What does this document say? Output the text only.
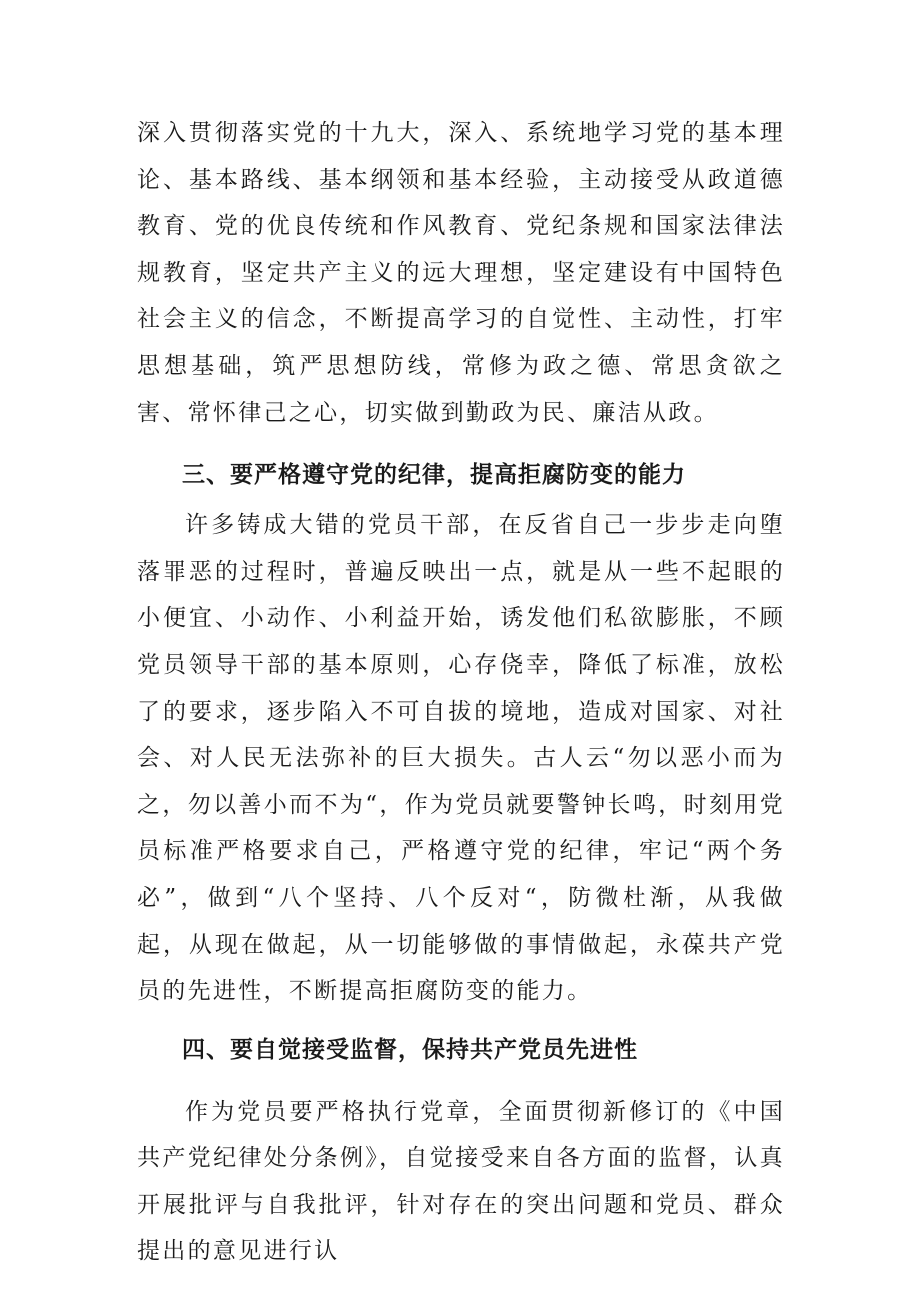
深入贯彻落实党的十九大，深入、系统地学习党的基本理论、基本路线、基本纲领和基本经验，主动接受从政道德教育、党的优良传统和作风教育、党纪条规和国家法律法规教育，坚定共产主义的远大理想，坚定建设有中国特色社会主义的信念，不断提高学习的自觉性、主动性，打牢思想基础，筑严思想防线，常修为政之德、常思贪欲之害、常怀律己之心，切实做到勤政为民、廉洁从政。

三、要严格遵守党的纪律，提高拒腐防变的能力

许多铸成大错的党员干部，在反省自己一步步走向堕落罪恶的过程时，普遍反映出一点，就是从一些不起眼的小便宜、小动作、小利益开始，诱发他们私欲膨胀，不顾党员领导干部的基本原则，心存侥幸，降低了标准，放松了的要求，逐步陷入不可自拔的境地，造成对国家、对社会、对人民无法弥补的巨大损失。古人云“勿以恶小而为之，勿以善小而不为“，作为党员就要警钟长鸣，时刻用党员标准严格要求自己，严格遵守党的纪律，牢记“两个务必”，做到“八个坚持、八个反对“，防微杜渐，从我做起，从现在做起，从一切能够做的事情做起，永葆共产党员的先进性，不断提高拒腐防变的能力。

四、要自觉接受监督，保持共产党员先进性

作为党员要严格执行党章，全面贯彻新修订的《中国共产党纪律处分条例》，自觉接受来自各方面的监督，认真开展批评与自我批评，针对存在的突出问题和党员、群众提出的意见进行认
